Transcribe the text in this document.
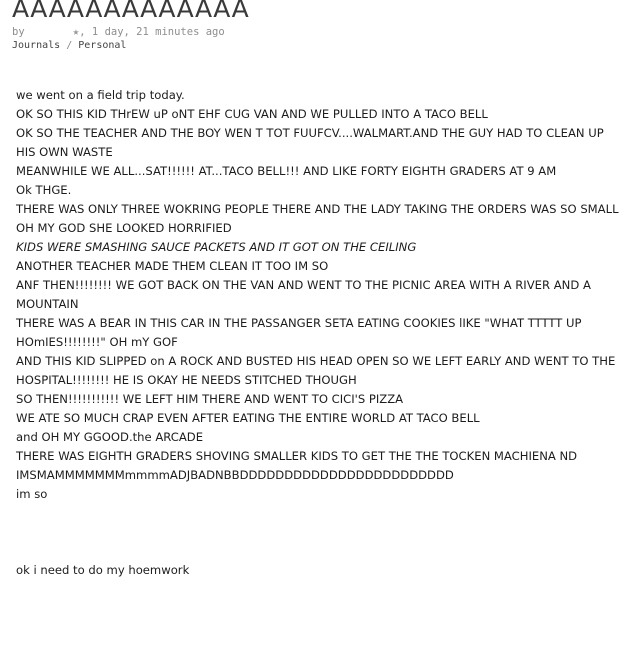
AAAAAAAAAAAAA
by	★, 1 day, 21 minutes ago
Journals / Personal

we went on a field trip today.

OK SO THIS KID THrEW uP oNT EHF CUG VAN AND WE PULLED INTO A TACO BELL

OK SO THE TEACHER AND THE BOY WEN T TOT FUUFCV....WALMART.AND THE GUY HAD TO CLEAN UP HIS OWN WASTE

MEANWHILE WE ALL...SAT!!!!!! AT...TACO BELL!!! AND LIKE FORTY EIGHTH GRADERS AT 9 AM

Ok THGE.

THERE WAS ONLY THREE WOKRING PEOPLE THERE AND THE LADY TAKING THE ORDERS WAS SO SMALL OH MY GOD SHE LOOKED HORRIFIED

KIDS WERE SMASHING SAUCE PACKETS AND IT GOT ON THE CEILING

ANOTHER TEACHER MADE THEM CLEAN IT TOO IM SO

ANF THEN!!!!!!!! WE GOT BACK ON THE VAN AND WENT TO THE PICNIC AREA WITH A RIVER AND A MOUNTAIN

THERE WAS A BEAR IN THIS CAR IN THE PASSANGER SETA EATING COOKIES lIKE "WHAT TTTTT UP HOmIES!!!!!!!!" OH mY GOF

AND THIS KID SLIPPED on A ROCK AND BUSTED HIS HEAD OPEN SO WE LEFT EARLY AND WENT TO THE HOSPITAL!!!!!!!! HE IS OKAY HE NEEDS STITCHED THOUGH

SO THEN!!!!!!!!!!! WE LEFT HIM THERE AND WENT TO CICI'S PIZZA

WE ATE SO MUCH CRAP EVEN AFTER EATING THE ENTIRE WORLD AT TACO BELL

and OH MY GGOOD.the ARCADE

THERE WAS EIGHTH GRADERS SHOVING SMALLER KIDS TO GET THE THE TOCKEN MACHIENA ND IMSMAMMMMMMMmmmmADJBADNBBDDDDDDDDDDDDDDDDDDDDDDDD

im so

ok i need to do my hoemwork
